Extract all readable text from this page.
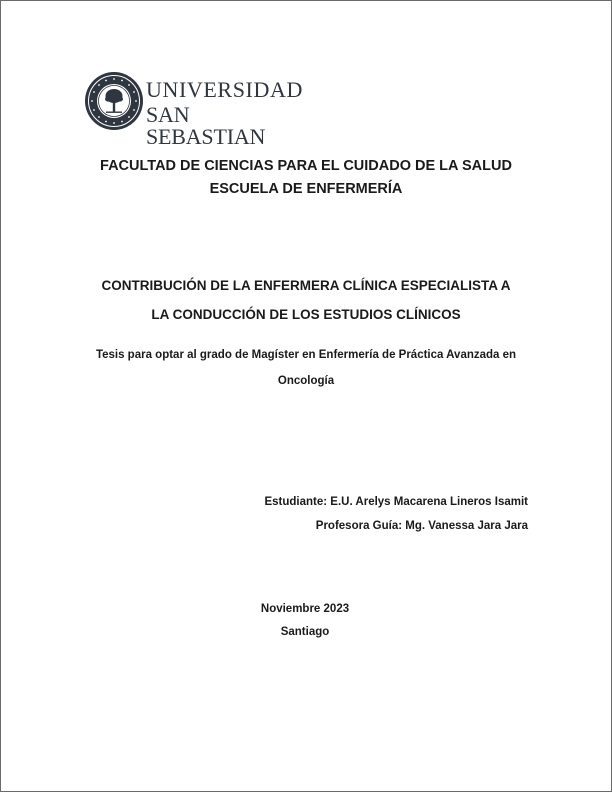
UNIVERSIDAD
SAN SEBASTIAN
FACULTAD DE CIENCIAS PARA EL CUIDADO DE LA SALUD
ESCUELA DE ENFERMERÍA
CONTRIBUCIÓN DE LA ENFERMERA CLÍNICA ESPECIALISTA A
LA CONDUCCIÓN DE LOS ESTUDIOS CLÍNICOS
Tesis para optar al grado de Magíster en Enfermería de Práctica Avanzada en
Oncología
Estudiante: E.U. Arelys Macarena Lineros Isamit
Profesora Guía: Mg. Vanessa Jara Jara
Noviembre 2023
Santiago
